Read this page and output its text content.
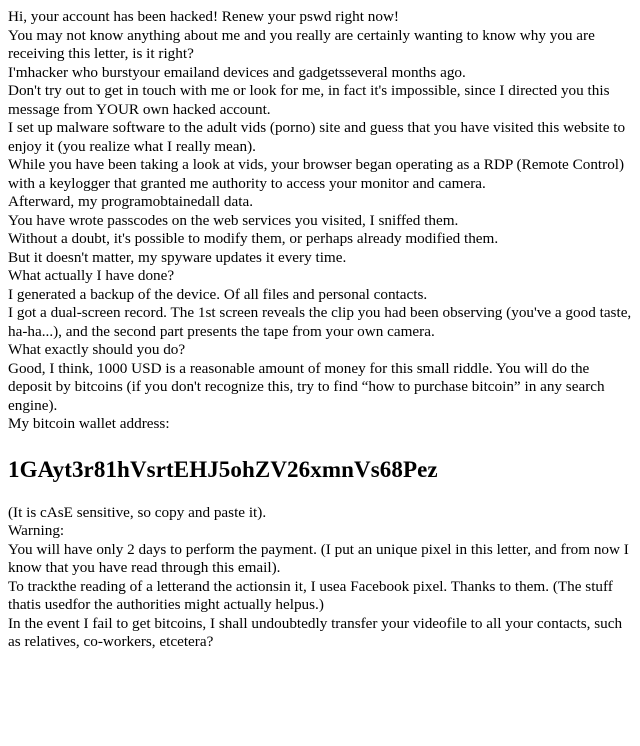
Hi, your account has been hacked! Renew your pswd right now!

You may not know anything about me and you really are certainly wanting to know why you are receiving this letter, is it right?

I'mhacker who burstyour emailand devices and gadgetsseveral months ago.

Don't try out to get in touch with me or look for me, in fact it's impossible, since I directed you this message from YOUR own hacked account.

I set up malware software to the adult vids (porno) site and guess that you have visited this website to enjoy it (you realize what I really mean).

While you have been taking a look at vids, your browser began operating as a RDP (Remote Control) with a keylogger that granted me authority to access your monitor and camera.

Afterward, my programobtainedall data.

You have wrote passcodes on the web services you visited, I sniffed them.

Without a doubt, it's possible to modify them, or perhaps already modified them.

But it doesn't matter, my spyware updates it every time.

What actually I have done?

I generated a backup of the device. Of all files and personal contacts.

I got a dual-screen record. The 1st screen reveals the clip you had been observing (you've a good taste, ha-ha...), and the second part presents the tape from your own camera.

What exactly should you do?

Good, I think, 1000 USD is a reasonable amount of money for this small riddle. You will do the deposit by bitcoins (if you don't recognize this, try to find “how to purchase bitcoin” in any search engine).

My bitcoin wallet address:

1GAyt3r81hVsrtEHJ5ohZV26xmnVs68Pez

(It is cAsE sensitive, so copy and paste it).

Warning:

You will have only 2 days to perform the payment. (I put an unique pixel in this letter, and from now I know that you have read through this email).

To trackthe reading of a letterand the actionsin it, I usea Facebook pixel. Thanks to them. (The stuff thatis usedfor the authorities might actually helpus.)

In the event I fail to get bitcoins, I shall undoubtedly transfer your videofile to all your contacts, such as relatives, co-workers, etcetera?
